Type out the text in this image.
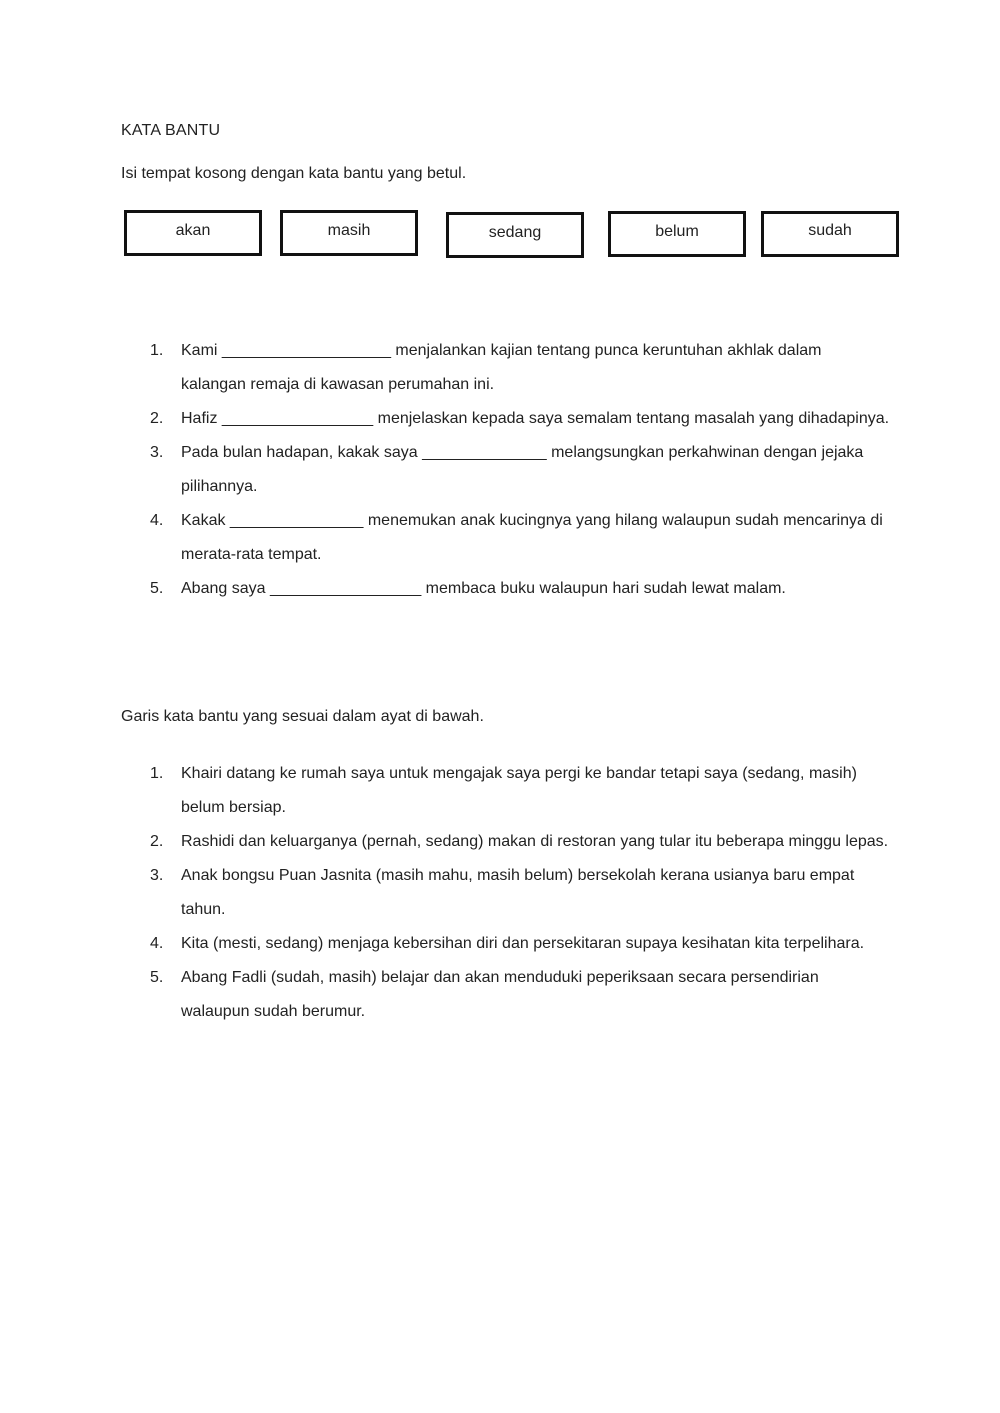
KATA BANTU
Isi tempat kosong dengan kata bantu yang betul.
akan	masih	sedang	belum	sudah
1. Kami ___________________ menjalankan kajian tentang punca keruntuhan akhlak dalam kalangan remaja di kawasan perumahan ini.
2. Hafiz _________________ menjelaskan kepada saya semalam tentang masalah yang dihadapinya.
3. Pada bulan hadapan, kakak saya ______________ melangsungkan perkahwinan dengan jejaka pilihannya.
4. Kakak _______________ menemukan anak kucingnya yang hilang walaupun sudah mencarinya di merata-rata tempat.
5. Abang saya _________________ membaca buku walaupun hari sudah lewat malam.
Garis kata bantu yang sesuai dalam ayat di bawah.
1. Khairi datang ke rumah saya untuk mengajak saya pergi ke bandar tetapi saya (sedang, masih) belum bersiap.
2. Rashidi dan keluarganya (pernah, sedang) makan di restoran yang tular itu beberapa minggu lepas.
3. Anak bongsu Puan Jasnita (masih mahu, masih belum) bersekolah kerana usianya baru empat tahun.
4. Kita (mesti, sedang) menjaga kebersihan diri dan persekitaran supaya kesihatan kita terpelihara.
5. Abang Fadli (sudah, masih) belajar dan akan menduduki peperiksaan secara persendirian walaupun sudah berumur.
